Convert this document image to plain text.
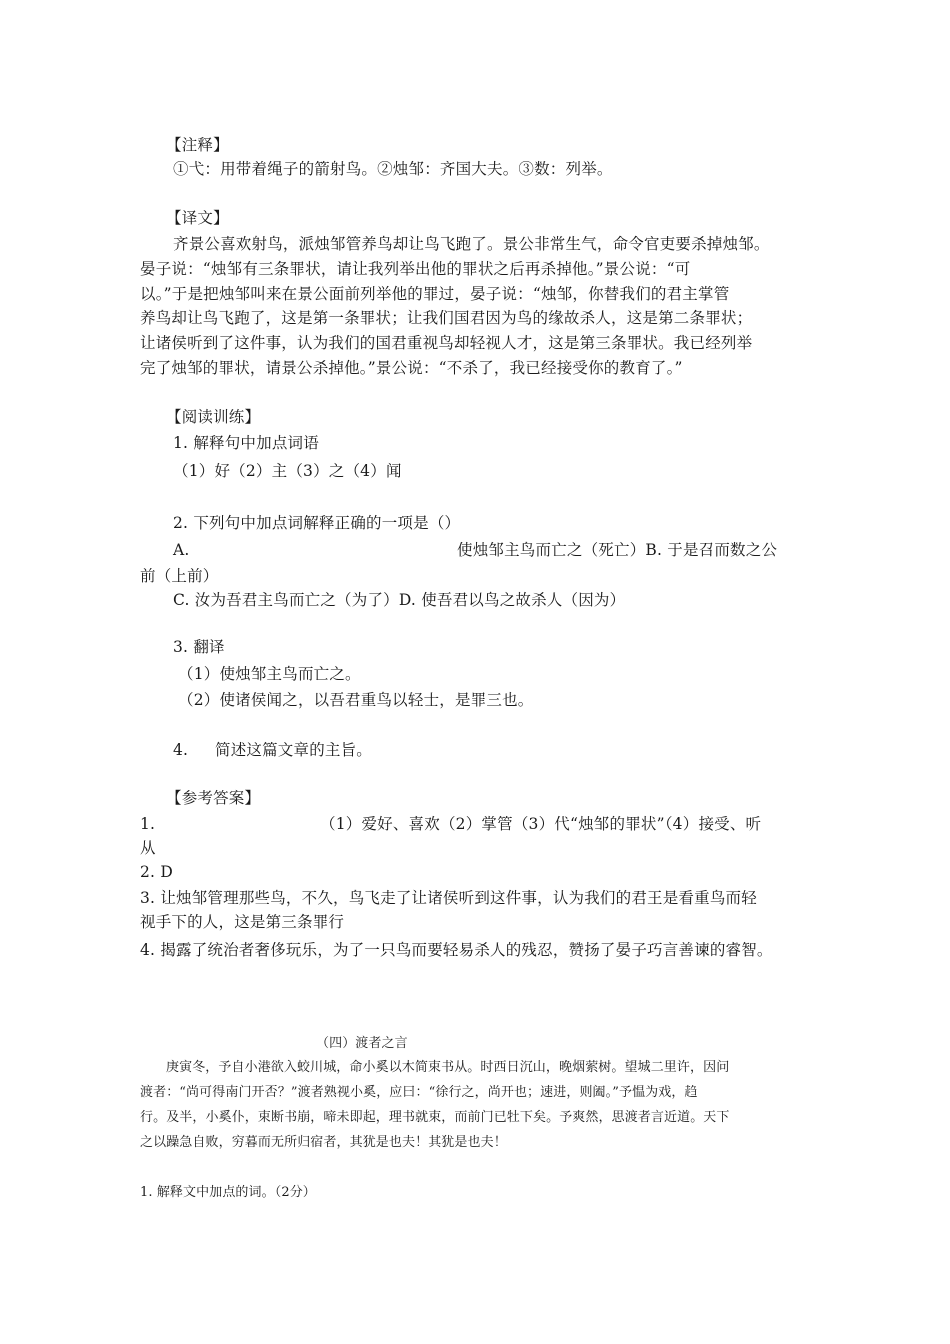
【注释】
①弋：用带着绳子的箭射鸟。②烛邹：齐国大夫。③数：列举。
【译文】
齐景公喜欢射鸟，派烛邹管养鸟却让鸟飞跑了。景公非常生气，命令官吏要杀掉烛邹。
晏子说：“烛邹有三条罪状，请让我列举出他的罪状之后再杀掉他。”景公说：“可
以。”于是把烛邹叫来在景公面前列举他的罪过，晏子说：“烛邹，你替我们的君主掌管
养鸟却让鸟飞跑了，这是第一条罪状；让我们国君因为鸟的缘故杀人，这是第二条罪状；
让诸侯听到了这件事，认为我们的国君重视鸟却轻视人才，这是第三条罪状。我已经列举
完了烛邹的罪状，请景公杀掉他。”景公说：“不杀了，我已经接受你的教育了。”
【阅读训练】
1. 解释句中加点词语
（1）好（2）主（3）之（4）闻
2. 下列句中加点词解释正确的一项是（）
A.	使烛邹主鸟而亡之（死亡）B. 于是召而数之公
前（上前）
C. 汝为吾君主鸟而亡之（为了）D. 使吾君以鸟之故杀人（因为）
3. 翻译
（1）使烛邹主鸟而亡之。
（2）使诸侯闻之，以吾君重鸟以轻士，是罪三也。
4. 简述这篇文章的主旨。
【参考答案】
1.	（1）爱好、喜欢（2）掌管（3）代“烛邹的罪状”（4）接受、听
从
2. D
3. 让烛邹管理那些鸟，不久，鸟飞走了让诸侯听到这件事，认为我们的君王是看重鸟而轻
视手下的人，这是第三条罪行
4. 揭露了统治者奢侈玩乐，为了一只鸟而要轻易杀人的残忍，赞扬了晏子巧言善谏的睿智。
（四）渡者之言
庚寅冬，予自小港欲入蛟川城，命小奚以木简束书从。时西日沉山，晚烟萦树。望城二里许，因问
渡者：“尚可得南门开否？”渡者熟视小奚，应曰：“徐行之，尚开也；速进，则阖。”予愠为戏，趋
行。及半，小奚仆，束断书崩，啼未即起，理书就束，而前门已牡下矣。予爽然，思渡者言近道。天下
之以躁急自败，穷暮而无所归宿者，其犹是也夫！其犹是也夫！
1. 解释文中加点的词。（2分）
